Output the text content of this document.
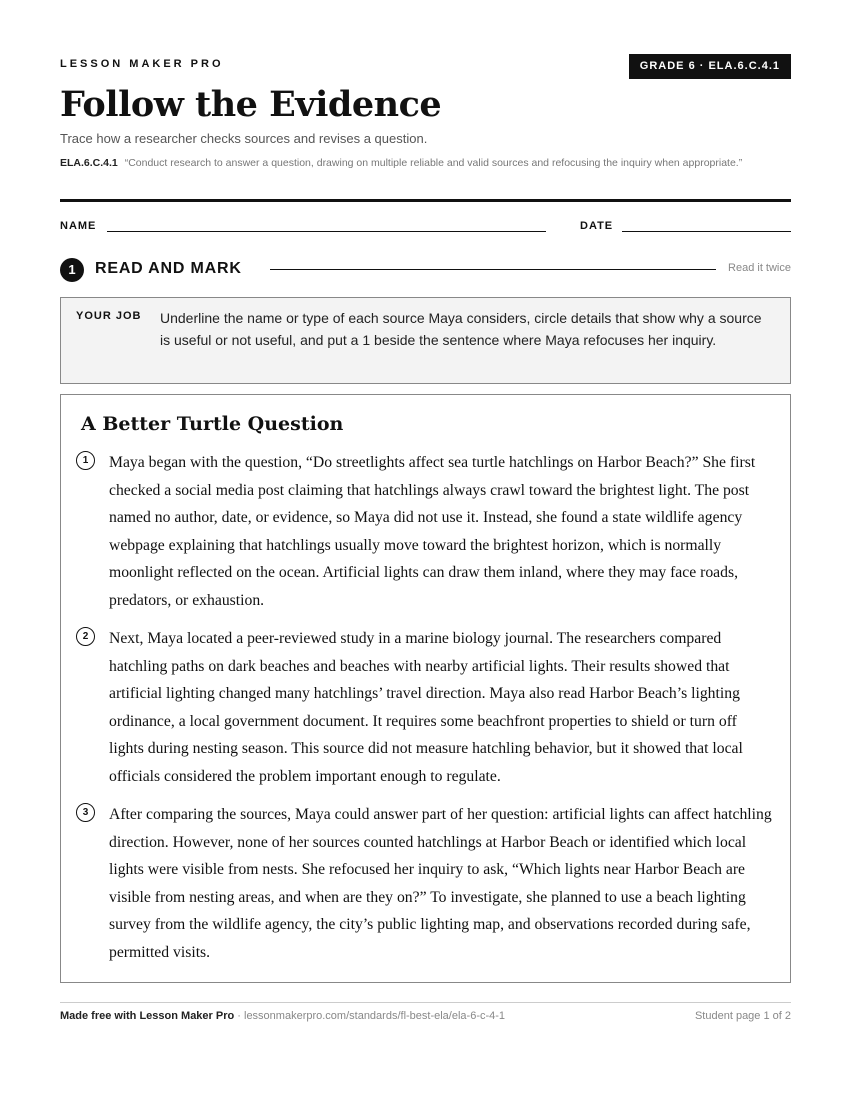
LESSON MAKER PRO	GRADE 6 · ELA.6.C.4.1
Follow the Evidence
Trace how a researcher checks sources and revises a question.
ELA.6.C.4.1 “Conduct research to answer a question, drawing on multiple reliable and valid sources and refocusing the inquiry when appropriate.”
NAME	DATE
1	READ AND MARK	Read it twice
YOUR JOB Underline the name or type of each source Maya considers, circle details that show why a source is useful or not useful, and put a 1 beside the sentence where Maya refocuses her inquiry.
A Better Turtle Question
1	Maya began with the question, “Do streetlights affect sea turtle hatchlings on Harbor Beach?” She first checked a social media post claiming that hatchlings always crawl toward the brightest light. The post named no author, date, or evidence, so Maya did not use it. Instead, she found a state wildlife agency webpage explaining that hatchlings usually move toward the brightest horizon, which is normally moonlight reflected on the ocean. Artificial lights can draw them inland, where they may face roads, predators, or exhaustion.

2	Next, Maya located a peer-reviewed study in a marine biology journal. The researchers compared hatchling paths on dark beaches and beaches with nearby artificial lights. Their results showed that artificial lighting changed many hatchlings’ travel direction. Maya also read Harbor Beach’s lighting ordinance, a local government document. It requires some beachfront properties to shield or turn off lights during nesting season. This source did not measure hatchling behavior, but it showed that local officials considered the problem important enough to regulate.

3	After comparing the sources, Maya could answer part of her question: artificial lights can affect hatchling direction. However, none of her sources counted hatchlings at Harbor Beach or identified which local lights were visible from nests. She refocused her inquiry to ask, “Which lights near Harbor Beach are visible from nesting areas, and when are they on?” To investigate, she planned to use a beach lighting survey from the wildlife agency, the city’s public lighting map, and observations recorded during safe, permitted visits.

Made free with Lesson Maker Pro · lessonmakerpro.com/standards/fl-best-ela/ela-6-c-4-1	Student page 1 of 2
